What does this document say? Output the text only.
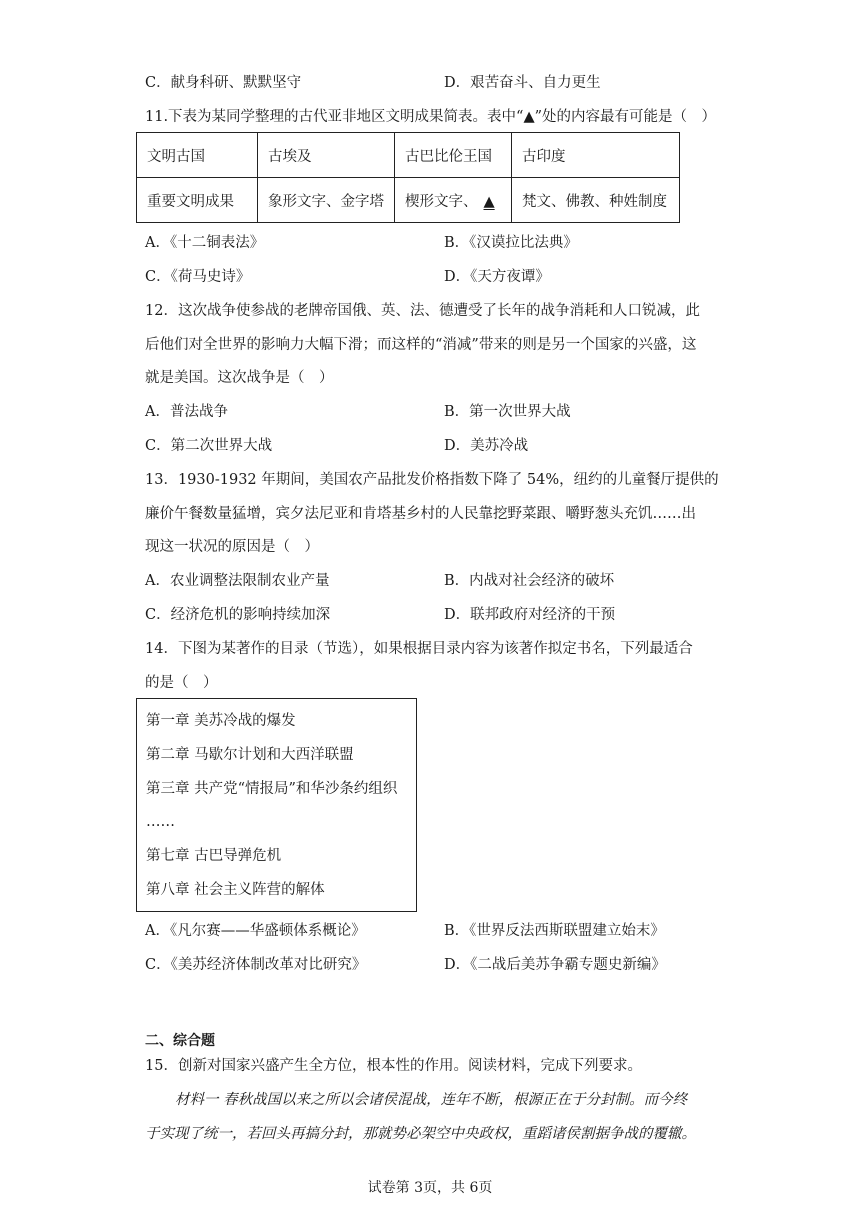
C．献身科研、默默坚守	D．艰苦奋斗、自力更生
11.下表为某同学整理的古代亚非地区文明成果简表。表中“▲”处的内容最有可能是（　）
文明古国	古埃及	古巴比伦王国	古印度
重要文明成果	象形文字、金字塔	楔形文字、 ▲	梵文、佛教、种姓制度
A．《十二铜表法》	B．《汉谟拉比法典》
C．《荷马史诗》	D．《天方夜谭》
12．这次战争使参战的老牌帝国俄、英、法、德遭受了长年的战争消耗和人口锐减，此
后他们对全世界的影响力大幅下滑；而这样的“消减”带来的则是另一个国家的兴盛，这
就是美国。这次战争是（　）
A．普法战争	B．第一次世界大战
C．第二次世界大战	D．美苏冷战
13．1930-1932 年期间，美国农产品批发价格指数下降了 54%，纽约的儿童餐厅提供的
廉价午餐数量猛增，宾夕法尼亚和肯塔基乡村的人民靠挖野菜跟、嚼野葱头充饥……出
现这一状况的原因是（　）
A．农业调整法限制农业产量	B．内战对社会经济的破坏
C．经济危机的影响持续加深	D．联邦政府对经济的干预
14．下图为某著作的目录（节选），如果根据目录内容为该著作拟定书名，下列最适合
的是（　）
第一章 美苏冷战的爆发
第二章 马歇尔计划和大西洋联盟
第三章 共产党“情报局”和华沙条约组织
……
第七章 古巴导弹危机
第八章 社会主义阵营的解体
A．《凡尔赛——华盛顿体系概论》	B．《世界反法西斯联盟建立始末》
C．《美苏经济体制改革对比研究》	D．《二战后美苏争霸专题史新编》
二、综合题
15．创新对国家兴盛产生全方位，根本性的作用。阅读材料，完成下列要求。
材料一 春秋战国以来之所以会诸侯混战，连年不断，根源正在于分封制。而今终
于实现了统一，若回头再搞分封，那就势必架空中央政权，重蹈诸侯割据争战的覆辙。
试卷第 3页，共 6页
